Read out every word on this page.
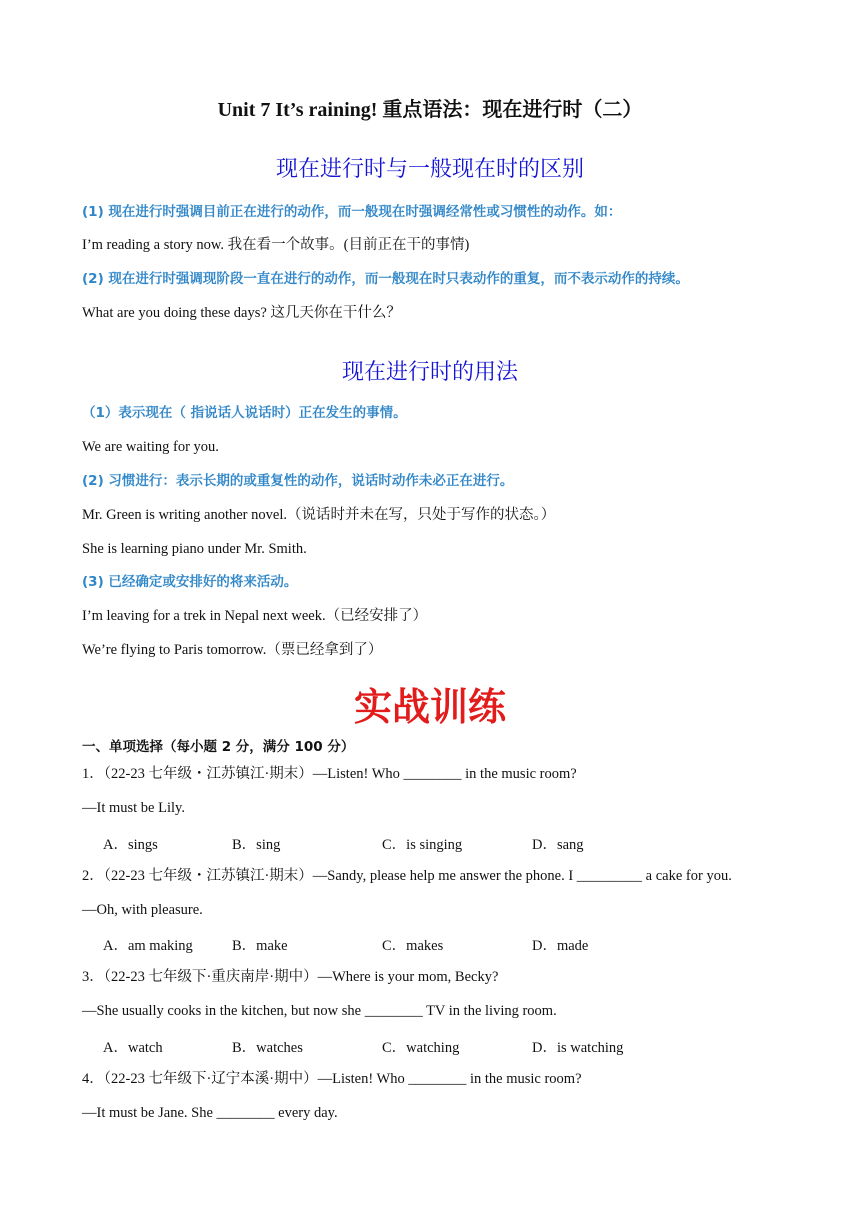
Unit 7 It’s raining! 重点语法：现在进行时（二）
现在进行时与一般现在时的区别
(1) 现在进行时强调目前正在进行的动作，而一般现在时强调经常性或习惯性的动作。如：
I’m reading a story now. 我在看一个故事。(目前正在干的事情)
(2) 现在进行时强调现阶段一直在进行的动作，而一般现在时只表动作的重复，而不表示动作的持续。
What are you doing these days? 这几天你在干什么？
现在进行时的用法
（1）表示现在（ 指说话人说话时）正在发生的事情。
We are waiting for you.
(2) 习惯进行：表示长期的或重复性的动作，说话时动作未必正在进行。
Mr. Green is writing another novel.（说话时并未在写，只处于写作的状态。）
She is learning piano under Mr. Smith.
(3) 已经确定或安排好的将来活动。
I’m leaving for a trek in Nepal next week.（已经安排了）
We’re flying to Paris tomorrow.（票已经拿到了）
实战训练
一、单项选择（每小题 2 分，满分 100 分）
1．（22-23 七年级・江苏镇江·期末）—Listen! Who ________ in the music room?
—It must be Lily.
A．sings	B．sing	C．is singing	D．sang
2．（22-23 七年级・江苏镇江·期末）—Sandy, please help me answer the phone. I _________ a cake for you.
—Oh, with pleasure.
A．am making	B．make	C．makes	D．made
3．（22-23 七年级下·重庆南岸·期中）—Where is your mom, Becky?
—She usually cooks in the kitchen, but now she ________ TV in the living room.
A．watch	B．watches	C．watching	D．is watching
4．（22-23 七年级下·辽宁本溪·期中）—Listen! Who ________ in the music room?
—It must be Jane. She ________ every day.
